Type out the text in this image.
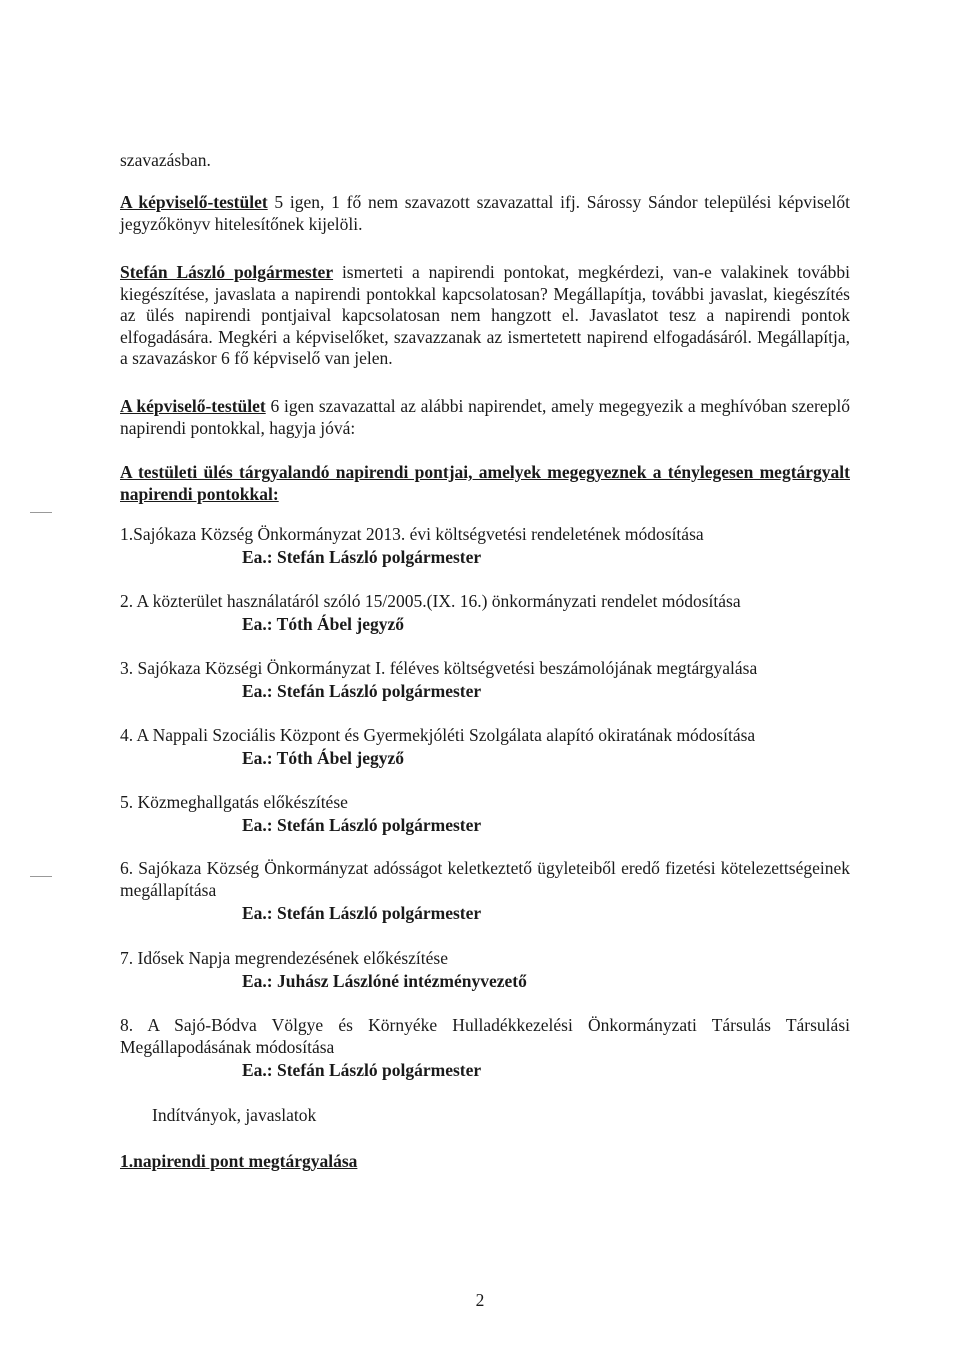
szavazásban.
A képviselő-testület 5 igen, 1 fő nem szavazott szavazattal ifj. Sárossy Sándor települési képviselőt jegyzőkönyv hitelesítőnek kijelöli.
Stefán László polgármester ismerteti a napirendi pontokat, megkérdezi, van-e valakinek további kiegészítése, javaslata a napirendi pontokkal kapcsolatosan? Megállapítja, további javaslat, kiegészítés az ülés napirendi pontjaival kapcsolatosan nem hangzott el. Javaslatot tesz a napirendi pontok elfogadására. Megkéri a képviselőket, szavazzanak az ismertetett napirend elfogadásáról. Megállapítja, a szavazáskor 6 fő képviselő van jelen.
A képviselő-testület 6 igen szavazattal az alábbi napirendet, amely megegyezik a meghívóban szereplő napirendi pontokkal, hagyja jóvá:
A testületi ülés tárgyalandó napirendi pontjai, amelyek megegyeznek a ténylegesen megtárgyalt napirendi pontokkal:
1.Sajókaza Község Önkormányzat 2013. évi költségvetési rendeletének módosítása
Ea.: Stefán László polgármester
2. A közterület használatáról szóló 15/2005.(IX. 16.) önkormányzati rendelet módosítása
Ea.: Tóth Ábel jegyző
3. Sajókaza Községi Önkormányzat I. féléves költségvetési beszámolójának megtárgyalása
Ea.: Stefán László polgármester
4. A Nappali Szociális Központ és Gyermekjóléti Szolgálata alapító okiratának módosítása
Ea.: Tóth Ábel jegyző
5. Közmeghallgatás előkészítése
Ea.: Stefán László polgármester
6. Sajókaza Község Önkormányzat adósságot keletkeztető ügyleteiből eredő fizetési kötelezettségeinek megállapítása
Ea.: Stefán László polgármester
7. Idősek Napja megrendezésének előkészítése
Ea.: Juhász Lászlóné intézményvezető
8. A Sajó-Bódva Völgye és Környéke Hulladékkezelési Önkormányzati Társulás Társulási Megállapodásának módosítása
Ea.: Stefán László polgármester
Indítványok, javaslatok
1.napirendi pont megtárgyalása
2
